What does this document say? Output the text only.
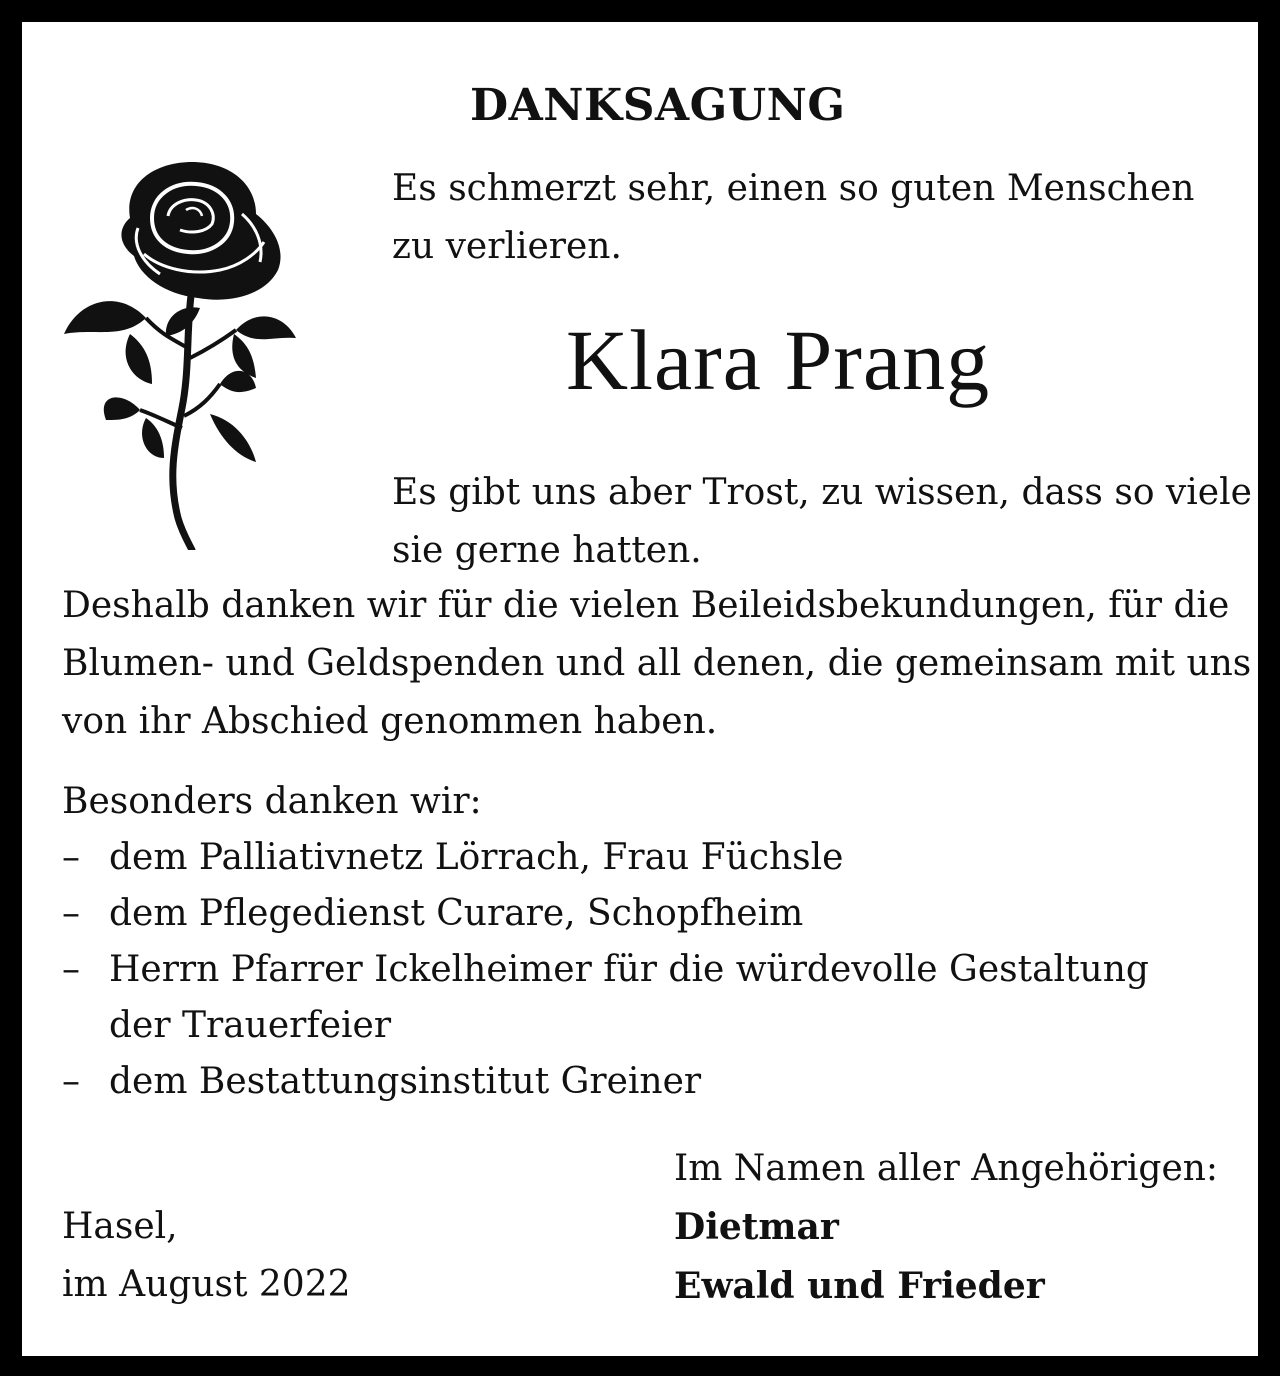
DANKSAGUNG

Es schmerzt sehr, einen so guten Menschen
zu verlieren.

Klara Prang

Es gibt uns aber Trost, zu wissen, dass so viele
sie gerne hatten.

Deshalb danken wir für die vielen Beileidsbekundungen, für die
Blumen- und Geldspenden und all denen, die gemeinsam mit uns
von ihr Abschied genommen haben.

Besonders danken wir:

– dem Palliativnetz Lörrach, Frau Füchsle
– dem Pflegedienst Curare, Schopfheim
– Herrn Pfarrer Ickelheimer für die würdevolle Gestaltung
der Trauerfeier
– dem Bestattungsinstitut Greiner

Hasel,
im August 2022

Im Namen aller Angehörigen:
Dietmar
Ewald und Frieder
